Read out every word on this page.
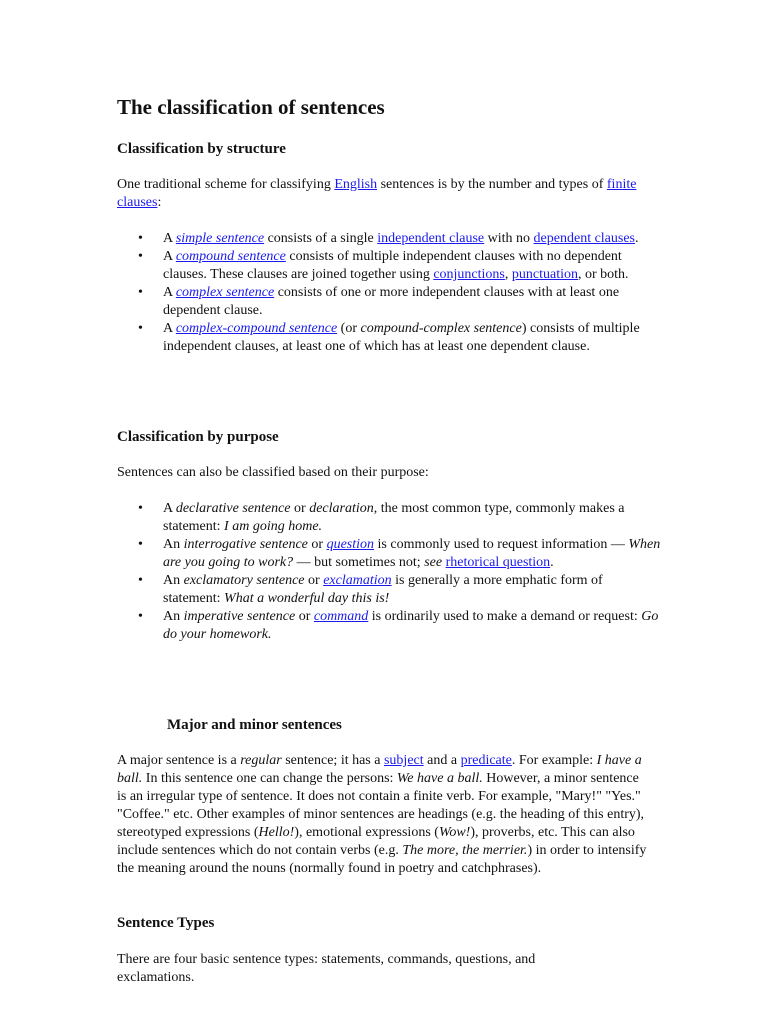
The classification of sentences
Classification by structure

One traditional scheme for classifying English sentences is by the number and types of finite clauses:

• A simple sentence consists of a single independent clause with no dependent clauses.
• A compound sentence consists of multiple independent clauses with no dependent clauses. These clauses are joined together using conjunctions, punctuation, or both.
• A complex sentence consists of one or more independent clauses with at least one dependent clause.
• A complex-compound sentence (or compound-complex sentence) consists of multiple independent clauses, at least one of which has at least one dependent clause.
Classification by purpose

Sentences can also be classified based on their purpose:

• A declarative sentence or declaration, the most common type, commonly makes a statement: I am going home.
• An interrogative sentence or question is commonly used to request information — When are you going to work? — but sometimes not; see rhetorical question.
• An exclamatory sentence or exclamation is generally a more emphatic form of statement: What a wonderful day this is!
• An imperative sentence or command is ordinarily used to make a demand or request: Go do your homework.
Major and minor sentences

A major sentence is a regular sentence; it has a subject and a predicate. For example: I have a ball. In this sentence one can change the persons: We have a ball. However, a minor sentence is an irregular type of sentence. It does not contain a finite verb. For example, "Mary!" "Yes." "Coffee." etc. Other examples of minor sentences are headings (e.g. the heading of this entry), stereotyped expressions (Hello!), emotional expressions (Wow!), proverbs, etc. This can also include sentences which do not contain verbs (e.g. The more, the merrier.) in order to intensify the meaning around the nouns (normally found in poetry and catchphrases).

Sentence Types

There are four basic sentence types: statements, commands, questions, and exclamations.
